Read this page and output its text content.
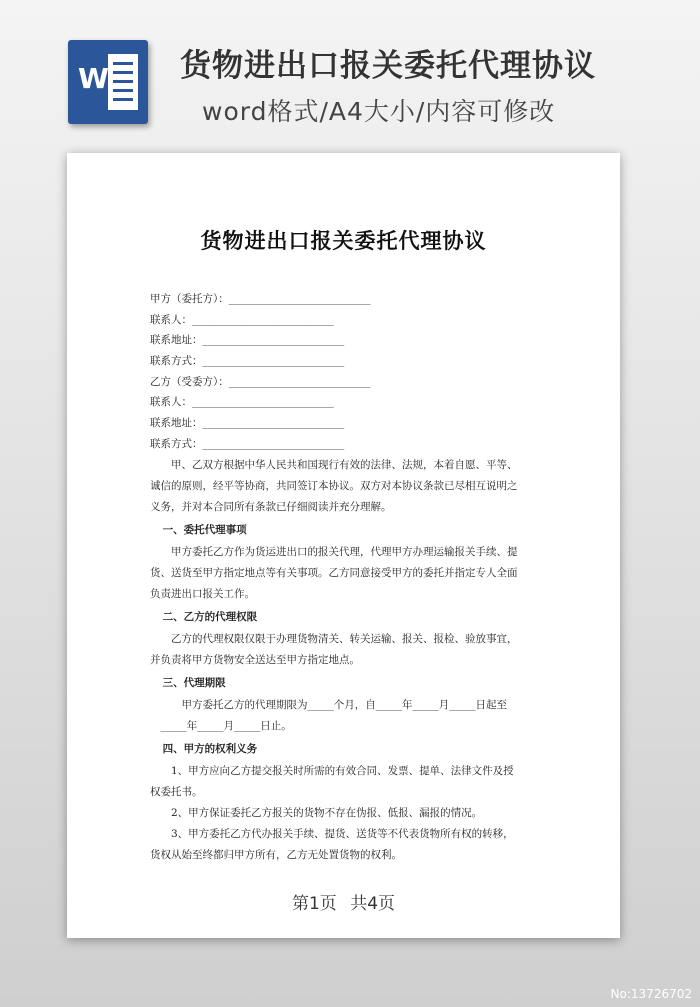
W 货物进出口报关委托代理协议
word格式/A4大小/内容可修改
货物进出口报关委托代理协议
甲方（委托方）：___________________________
联系人：___________________________
联系地址：___________________________
联系方式：___________________________
乙方（受委方）：___________________________
联系人：___________________________
联系地址：___________________________
联系方式：___________________________
甲、乙双方根据中华人民共和国现行有效的法律、法规，本着自愿、平等、
诚信的原则，经平等协商，共同签订本协议。双方对本协议条款已尽相互说明之
义务，并对本合同所有条款已仔细阅读并充分理解。
一、委托代理事项
甲方委托乙方作为货运进出口的报关代理，代理甲方办理运输报关手续、提
货、送货至甲方指定地点等有关事项。乙方同意接受甲方的委托并指定专人全面
负责进出口报关工作。
二、乙方的代理权限
乙方的代理权限仅限于办理货物清关、转关运输、报关、报检、验放事宜，
并负责将甲方货物安全送达至甲方指定地点。
三、代理期限
甲方委托乙方的代理期限为_____个月，自_____年_____月_____日起至
_____年_____月_____日止。
四、甲方的权利义务
1、甲方应向乙方提交报关时所需的有效合同、发票、提单、法律文件及授
权委托书。
2、甲方保证委托乙方报关的货物不存在伪报、低报、漏报的情况。
3、甲方委托乙方代办报关手续、提货、送货等不代表货物所有权的转移，
货权从始至终都归甲方所有，乙方无处置货物的权利。
第1页 共4页
No:13726702
